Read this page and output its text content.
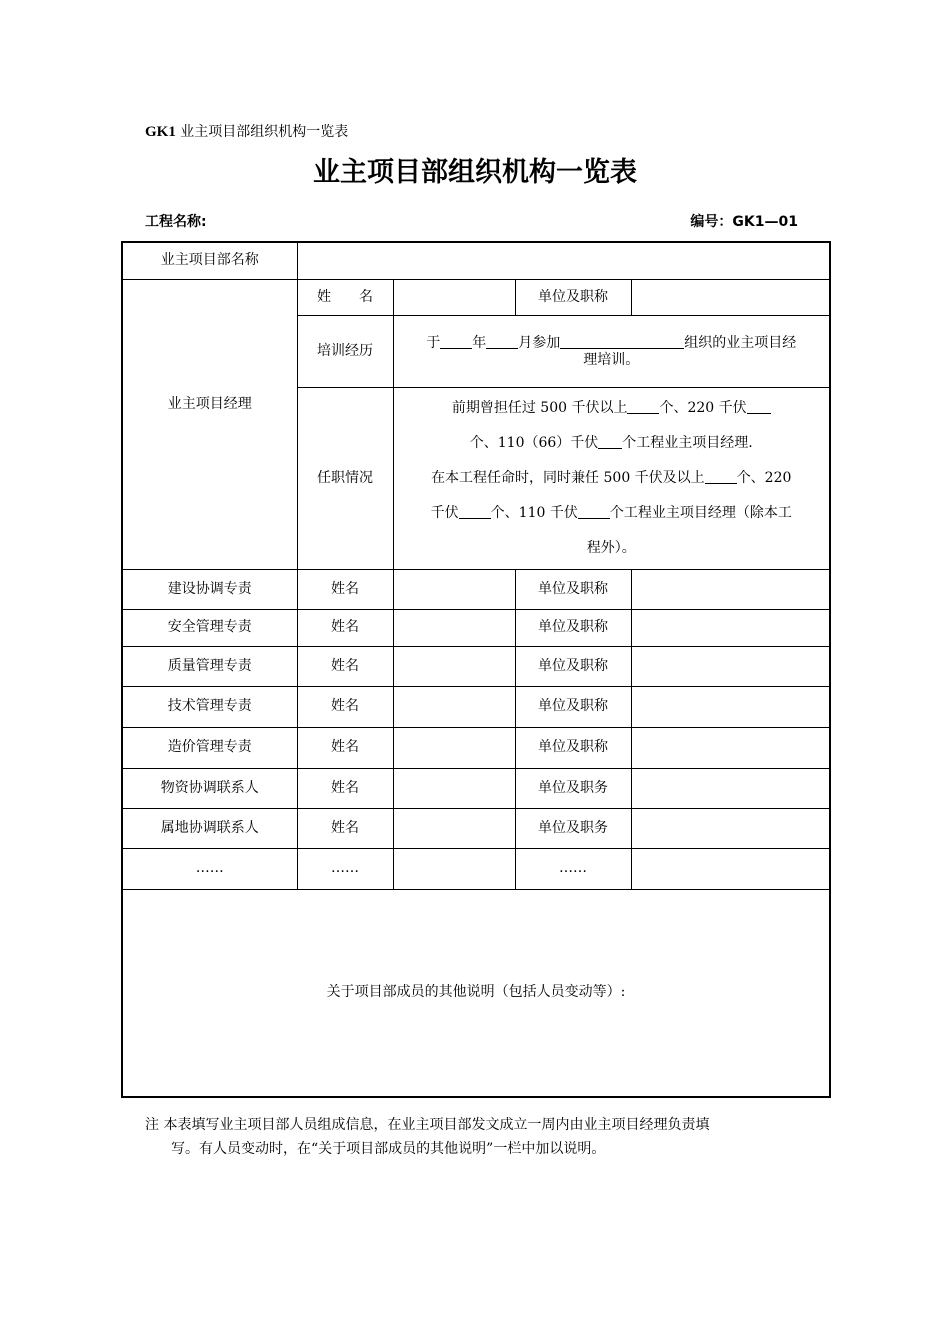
GK1 业主项目部组织机构一览表
业主项目部组织机构一览表
工程名称:	编号：GK1—01
业主项目部名称				
业主项目经理	姓　　名		单位及职称	
	培训经历	于 年 月参加 组织的业主项目经
理培训。		
	任职情况	前期曾担任过 500 千伏以上 个、220 千伏
个、110（66）千伏 个工程业主项目经理.
在本工程任命时，同时兼任 500 千伏及以上 个、220
千伏 个、110 千伏 个工程业主项目经理（除本工
程外）。		
建设协调专责	姓名		单位及职称	
安全管理专责	姓名		单位及职称	
质量管理专责	姓名		单位及职称	
技术管理专责	姓名		单位及职称	
造价管理专责	姓名		单位及职称	
物资协调联系人	姓名		单位及职务	
属地协调联系人	姓名		单位及职务	
……	……		……	
关于项目部成员的其他说明（包括人员变动等）:				
注 本表填写业主项目部人员组成信息，在业主项目部发文成立一周内由业主项目经理负责填
写。有人员变动时，在“关于项目部成员的其他说明”一栏中加以说明。
